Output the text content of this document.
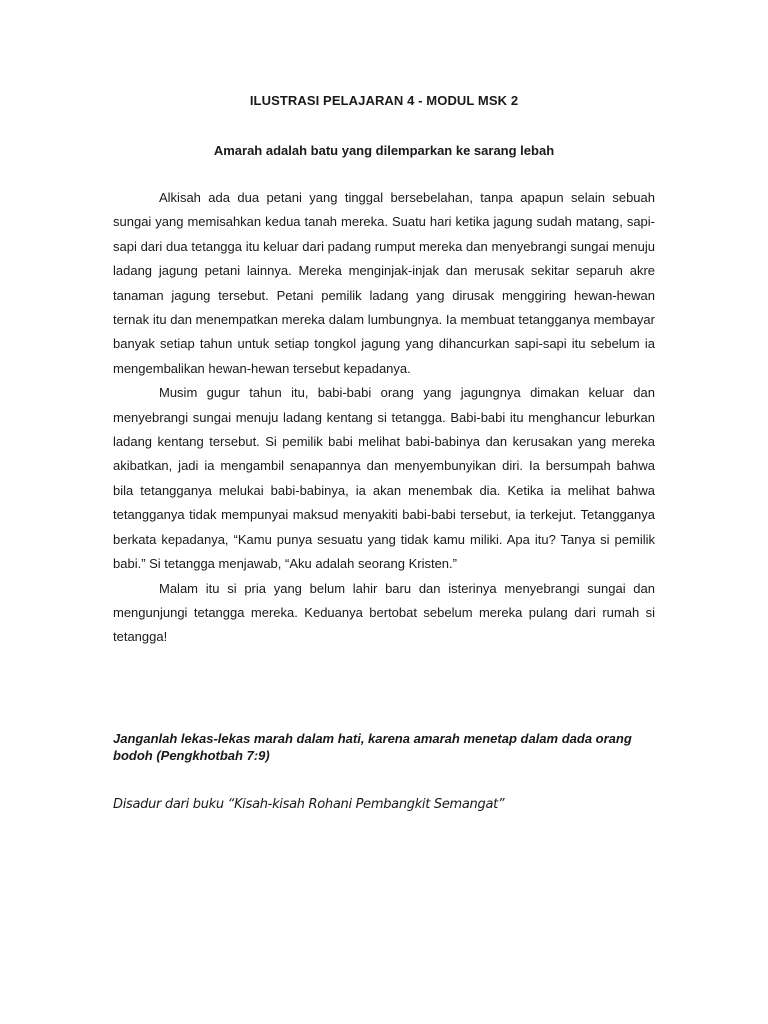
ILUSTRASI PELAJARAN 4 - MODUL MSK 2
Amarah adalah batu yang dilemparkan ke sarang lebah

Alkisah ada dua petani yang tinggal bersebelahan, tanpa apapun selain sebuah sungai yang memisahkan kedua tanah mereka. Suatu hari ketika jagung sudah matang, sapi-sapi dari dua tetangga itu keluar dari padang rumput mereka dan menyebrangi sungai menuju ladang jagung petani lainnya. Mereka menginjak-injak dan merusak sekitar separuh akre tanaman jagung tersebut. Petani pemilik ladang yang dirusak menggiring hewan-hewan ternak itu dan menempatkan mereka dalam lumbungnya. Ia membuat tetangganya membayar banyak setiap tahun untuk setiap tongkol jagung yang dihancurkan sapi-sapi itu sebelum ia mengembalikan hewan-hewan tersebut kepadanya.

Musim gugur tahun itu, babi-babi orang yang jagungnya dimakan keluar dan menyebrangi sungai menuju ladang kentang si tetangga. Babi-babi itu menghancur leburkan ladang kentang tersebut. Si pemilik babi melihat babi-babinya dan kerusakan yang mereka akibatkan, jadi ia mengambil senapannya dan menyembunyikan diri. Ia bersumpah bahwa bila tetangganya melukai babi-babinya, ia akan menembak dia. Ketika ia melihat bahwa tetangganya tidak mempunyai maksud menyakiti babi-babi tersebut, ia terkejut. Tetangganya berkata kepadanya, “Kamu punya sesuatu yang tidak kamu miliki. Apa itu? Tanya si pemilik babi.” Si tetangga menjawab, “Aku adalah seorang Kristen.”

Malam itu si pria yang belum lahir baru dan isterinya menyebrangi sungai dan mengunjungi tetangga mereka. Keduanya bertobat sebelum mereka pulang dari rumah si tetangga!

Janganlah lekas-lekas marah dalam hati, karena amarah menetap dalam dada orang bodoh (Pengkhotbah 7:9)
Disadur dari buku “Kisah-kisah Rohani Pembangkit Semangat”
